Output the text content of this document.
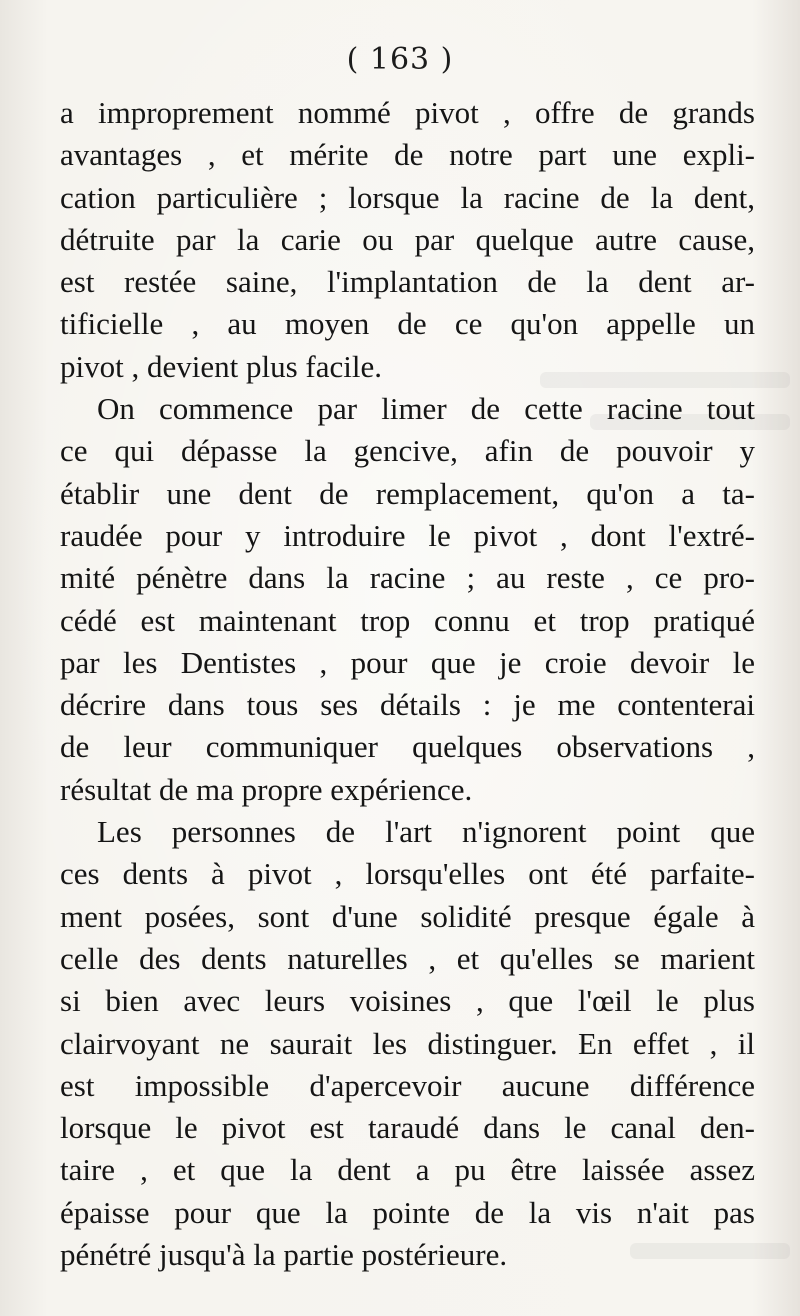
( 163 )
a improprement nommé pivot , offre de grands
avantages , et mérite de notre part une expli-
cation particulière ; lorsque la racine de la dent,
détruite par la carie ou par quelque autre cause,
est restée saine, l'implantation de la dent ar-
tificielle , au moyen de ce qu'on appelle un
pivot , devient plus facile.
On commence par limer de cette racine tout
ce qui dépasse la gencive, afin de pouvoir y
établir une dent de remplacement, qu'on a ta-
raudée pour y introduire le pivot , dont l'extré-
mité pénètre dans la racine ; au reste , ce pro-
cédé est maintenant trop connu et trop pratiqué
par les Dentistes , pour que je croie devoir le
décrire dans tous ses détails : je me contenterai
de leur communiquer quelques observations ,
résultat de ma propre expérience.
Les personnes de l'art n'ignorent point que
ces dents à pivot , lorsqu'elles ont été parfaite-
ment posées, sont d'une solidité presque égale à
celle des dents naturelles , et qu'elles se marient
si bien avec leurs voisines , que l'œil le plus
clairvoyant ne saurait les distinguer. En effet , il
est impossible d'apercevoir aucune différence
lorsque le pivot est taraudé dans le canal den-
taire , et que la dent a pu être laissée assez
épaisse pour que la pointe de la vis n'ait pas
pénétré jusqu'à la partie postérieure.
